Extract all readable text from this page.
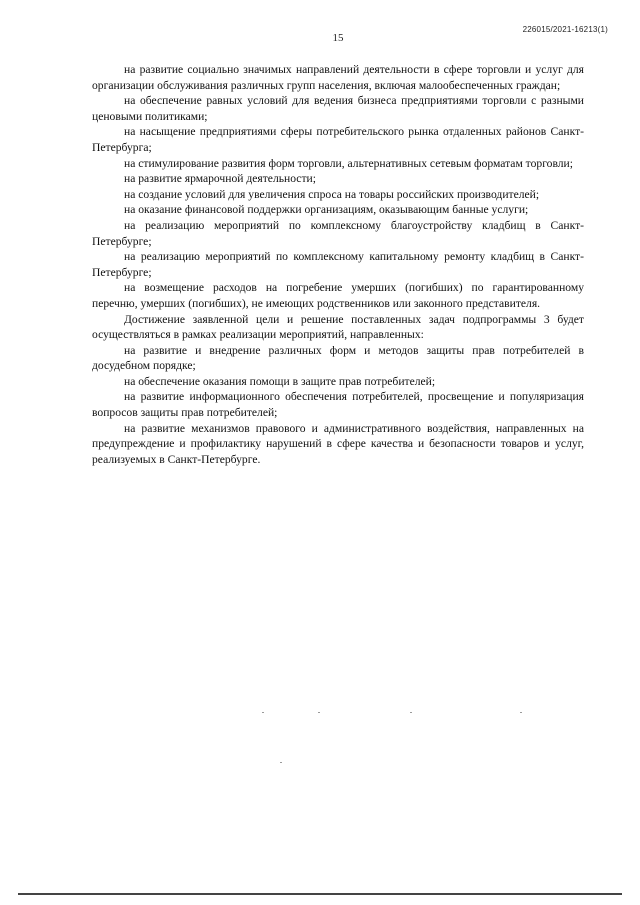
226015/2021-16213(1)
15

на развитие социально значимых направлений деятельности в сфере торговли и услуг для организации обслуживания различных групп населения, включая малообеспеченных граждан;

на обеспечение равных условий для ведения бизнеса предприятиями торговли с разными ценовыми политиками;

на насыщение предприятиями сферы потребительского рынка отдаленных районов Санкт-Петербурга;

на стимулирование развития форм торговли, альтернативных сетевым форматам торговли;

на развитие ярмарочной деятельности;

на создание условий для увеличения спроса на товары российских производителей;

на оказание финансовой поддержки организациям, оказывающим банные услуги;

на реализацию мероприятий по комплексному благоустройству кладбищ в Санкт-Петербурге;

на реализацию мероприятий по комплексному капитальному ремонту кладбищ в Санкт-Петербурге;

на возмещение расходов на погребение умерших (погибших) по гарантированному перечню, умерших (погибших), не имеющих родственников или законного представителя.

Достижение заявленной цели и решение поставленных задач подпрограммы 3 будет осуществляться в рамках реализации мероприятий, направленных:

на развитие и внедрение различных форм и методов защиты прав потребителей в досудебном порядке;

на обеспечение оказания помощи в защите прав потребителей;

на развитие информационного обеспечения потребителей, просвещение и популяризация вопросов защиты прав потребителей;

на развитие механизмов правового и административного воздействия, направленных на предупреждение и профилактику нарушений в сфере качества и безопасности товаров и услуг, реализуемых в Санкт-Петербурге.
